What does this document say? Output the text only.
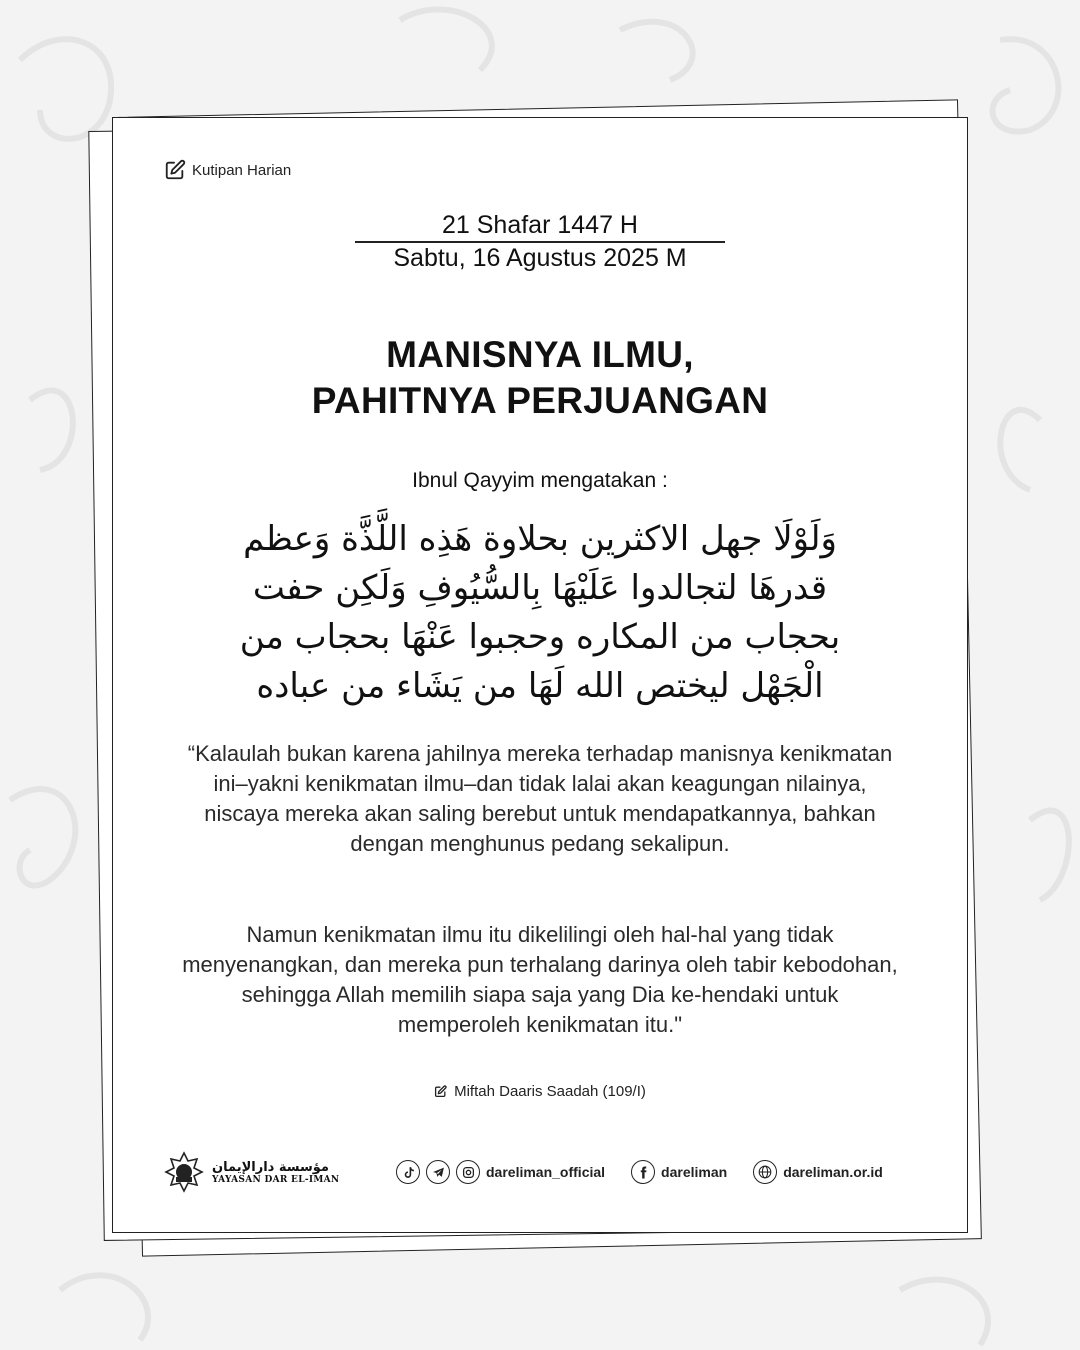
Kutipan Harian
21 Shafar 1447 H
Sabtu, 16 Agustus 2025 M
MANISNYA ILMU,
PAHITNYA PERJUANGAN
Ibnul Qayyim mengatakan :
وَلَوْلَا جهل الاكثرين بحلاوة هَذِه اللَّذَّة وَعظم قدرهَا لتجالدوا عَلَيْهَا بِالسُّيُوفِ وَلَكِن حفت بحجاب من المكاره وحجبوا عَنْهَا بحجاب من الْجَهْل ليختص الله لَهَا من يَشَاء من عباده
“Kalaulah bukan karena jahilnya mereka terhadap manisnya kenikmatan ini–yakni kenikmatan ilmu–dan tidak lalai akan keagungan nilainya, niscaya mereka akan saling berebut untuk mendapatkannya, bahkan dengan menghunus pedang sekalipun.
Namun kenikmatan ilmu itu dikelilingi oleh hal-hal yang tidak menyenangkan, dan mereka pun terhalang darinya oleh tabir kebodohan, sehingga Allah memilih siapa saja yang Dia ke-hendaki untuk memperoleh kenikmatan itu."
Miftah Daaris Saadah (109/I)
مؤسسة دارالإيمان
YAYASAN DAR EL-IMAN	dareliman_official	dareliman	dareliman.or.id
